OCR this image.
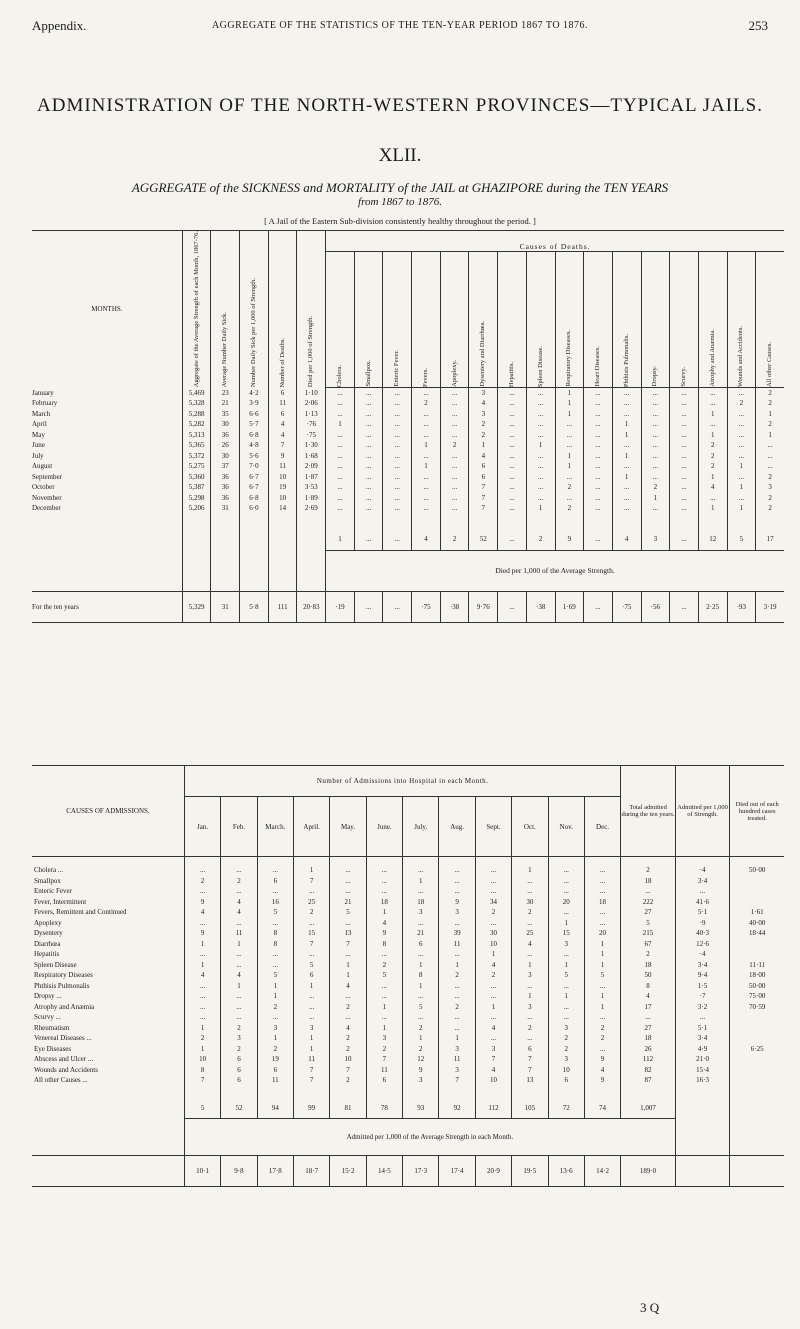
Appendix.	AGGREGATE OF THE STATISTICS OF THE TEN-YEAR PERIOD 1867 TO 1876.	253
ADMINISTRATION OF THE NORTH-WESTERN PROVINCES—TYPICAL JAILS.
XLII.
AGGREGATE of the SICKNESS and MORTALITY of the JAIL at GHAZIPORE during the TEN YEARS
from 1867 to 1876.
[ A Jail of the Eastern Sub-division consistently healthy throughout the period. ]
MONTHS.	Aggregate of the Average Strength of each Month, 1867-76.	Average Number Daily Sick.	Number Daily Sick per 1,000 of Strength.	Number of Deaths.	Died per 1,000 of Strength.	Causes of Deaths.															

						Cholera.	Smallpox.	Enteric Fever.	Fevers.	Apoplexy.	Dysentery and Diarrhœa.	Hepatitis.	Spleen Disease.	Respiratory Diseases.	Heart Diseases.	Phthisis Pulmonalis.	Dropsy.	Scurvy.	Atrophy and Anæmia.	Wounds and Accidents.	All other Causes.

January	5,469	23	4·2	6	1·10	...	...	...	...	...	3	...	...	1	...	...	...	...	...	...	2
February	5,328	21	3·9	11	2·06	...	...	...	2	...	4	...	...	1	...	...	...	...	...	2	2
March	5,288	35	6·6	6	1·13	...	...	...	...	...	3	...	...	1	...	...	...	...	1	...	1
April	5,282	30	5·7	4	·76	1	...	...	...	...	2	...	...	...	...	1	...	...	...	...	2
May	5,313	36	6·8	4	·75	...	...	...	...	...	2	...	...	...	...	1	...	...	1	...	1
June	5,365	26	4·8	7	1·30	...	...	...	1	2	1	...	1	...	...	...	...	...	2	...	...
July	5,372	30	5·6	9	1·68	...	...	...	...	...	4	...	...	1	...	1	...	...	2	...	...
August	5,275	37	7·0	11	2·09	...	...	...	1	...	6	...	...	1	...	...	...	...	2	1	...
September	5,360	36	6·7	10	1·87	...	...	...	...	...	6	...	...	...	...	1	...	...	1	...	2
October	5,387	36	6·7	19	3·53	...	...	...	...	...	7	...	...	2	...	...	2	...	4	1	3
November	5,298	36	6·8	10	1·89	...	...	...	...	...	7	...	...	...	...	...	1	...	...	...	2
December	5,206	31	6·0	14	2·69	...	...	...	...	...	7	...	1	2	...	...	...	...	1	1	2

						1	...	...	4	2	52	...	2	9	...	4	3	...	12	5	17
						Died per 1,000 of the Average Strength.															
For the ten years	5,329	31	5·8	111	20·83	·19	...	...	·75	·38	9·76	...	·38	1·69	...	·75	·56	...	2·25	·93	3·19
CAUSES OF ADMISSIONS.	Number of Admissions into Hospital in each Month.												Total admitted during the ten years.	Admitted per 1,000 of Strength.	Died out of each hundred cases treated.
	Jan.	Feb.	March.	April.	May.	June.	July.	Aug.	Sept.	Oct.	Nov.	Dec.			

Cholera ...	...	...	...	1	...	...	...	...	...	1	...	...	2	·4	50·00
Smallpox	2	2	6	7	...	...	1	...	...	...	...	...	18	3·4	
Enteric Fever	...	...	...	...	...	...	...	...	...	...	...	...	...	...	
Fever, Intermittent	9	4	16	25	21	18	18	9	34	30	20	18	222	41·6	
Fevers, Remittent and Continued	4	4	5	2	5	1	3	3	2	2	...	...	27	5·1	1·61
Apoplexy	...	...	...	...	...	4	...	...	...	...	1	...	5	·9	40·00
Dysentery	9	11	8	15	13	9	21	39	30	25	15	20	215	40·3	18·44
Diarrhœa	1	1	8	7	7	8	6	11	10	4	3	1	67	12·6	
Hepatitis	...	...	...	...	...	...	...	...	1	...	...	1	2	·4	
Spleen Disease	1	...	...	5	1	2	1	1	4	1	1	1	18	3·4	11·11
Respiratory Diseases	4	4	5	6	1	5	8	2	2	3	5	5	50	9·4	18·00
Phthisis Pulmonalis	...	1	1	1	4	...	1	...	...	...	...	...	8	1·5	50·00
Dropsy ...	...	...	1	...	...	...	...	...	...	1	1	1	4	·7	75·00
Atrophy and Anæmia	...	...	2	...	2	1	5	2	1	3	...	1	17	3·2	70·59
Scurvy ...	...	...	...	...	...	...	...	...	...	...	...	...	...	...	
Rheumatism	1	2	3	3	4	1	2	...	4	2	3	2	27	5·1	
Venereal Diseases ...	2	3	1	1	2	3	1	1	...	...	2	2	18	3·4	
Eye Diseases	1	2	2	1	2	2	2	3	3	6	2	...	26	4·9	6·25
Abscess and Ulcer ...	10	6	19	11	10	7	12	11	7	7	3	9	112	21·0	
Wounds and Accidents	8	6	6	7	7	11	9	3	4	7	10	4	82	15·4	
All other Causes ...	7	6	11	7	2	6	3	7	10	13	6	9	87	16·3	

	5	52	94	99	81	78	93	92	112	105	72	74	1,007		
	Admitted per 1,000 of the Average Strength in each Month.														
	10·1	9·8	17·8	18·7	15·2	14·5	17·3	17·4	20·9	19·5	13·6	14·2	189·0		
3 Q
